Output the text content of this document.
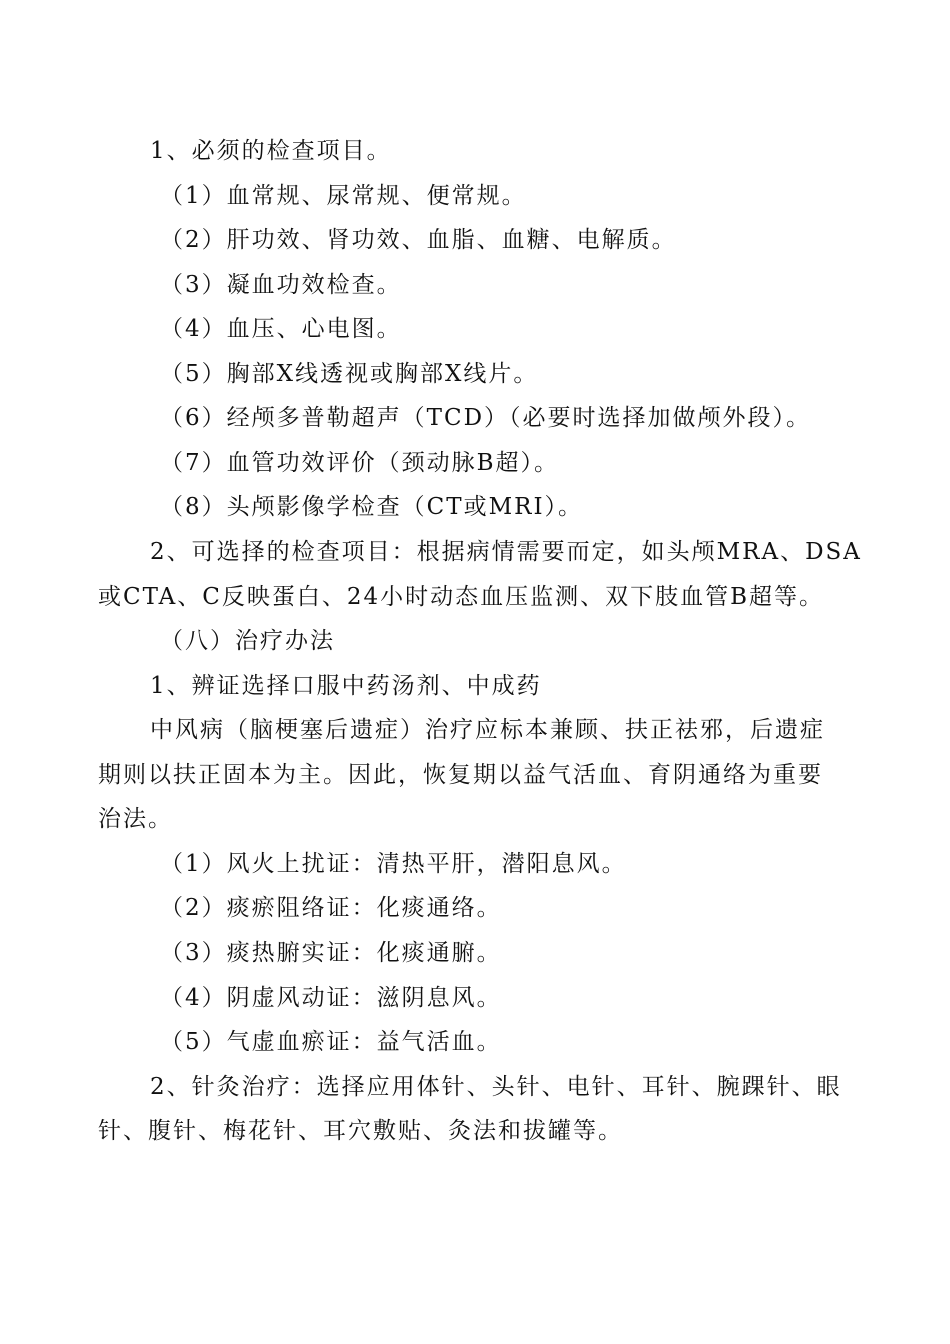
1、必须的检查项目。
（1）血常规、尿常规、便常规。
（2）肝功效、肾功效、血脂、血糖、电解质。
（3）凝血功效检查。
（4）血压、心电图。
（5）胸部X线透视或胸部X线片。
（6）经颅多普勒超声（TCD）（必要时选择加做颅外段）。
（7）血管功效评价（颈动脉B超）。
（8）头颅影像学检查（CT或MRI）。
2、可选择的检查项目：根据病情需要而定，如头颅MRA、DSA
或CTA、C反映蛋白、24小时动态血压监测、双下肢血管B超等。
（八）治疗办法
1、辨证选择口服中药汤剂、中成药
中风病（脑梗塞后遗症）治疗应标本兼顾、扶正祛邪，后遗症
期则以扶正固本为主。因此，恢复期以益气活血、育阴通络为重要
治法。
（1）风火上扰证：清热平肝，潜阳息风。
（2）痰瘀阻络证：化痰通络。
（3）痰热腑实证：化痰通腑。
（4）阴虚风动证：滋阴息风。
（5）气虚血瘀证：益气活血。
2、针灸治疗：选择应用体针、头针、电针、耳针、腕踝针、眼
针、腹针、梅花针、耳穴敷贴、灸法和拔罐等。
